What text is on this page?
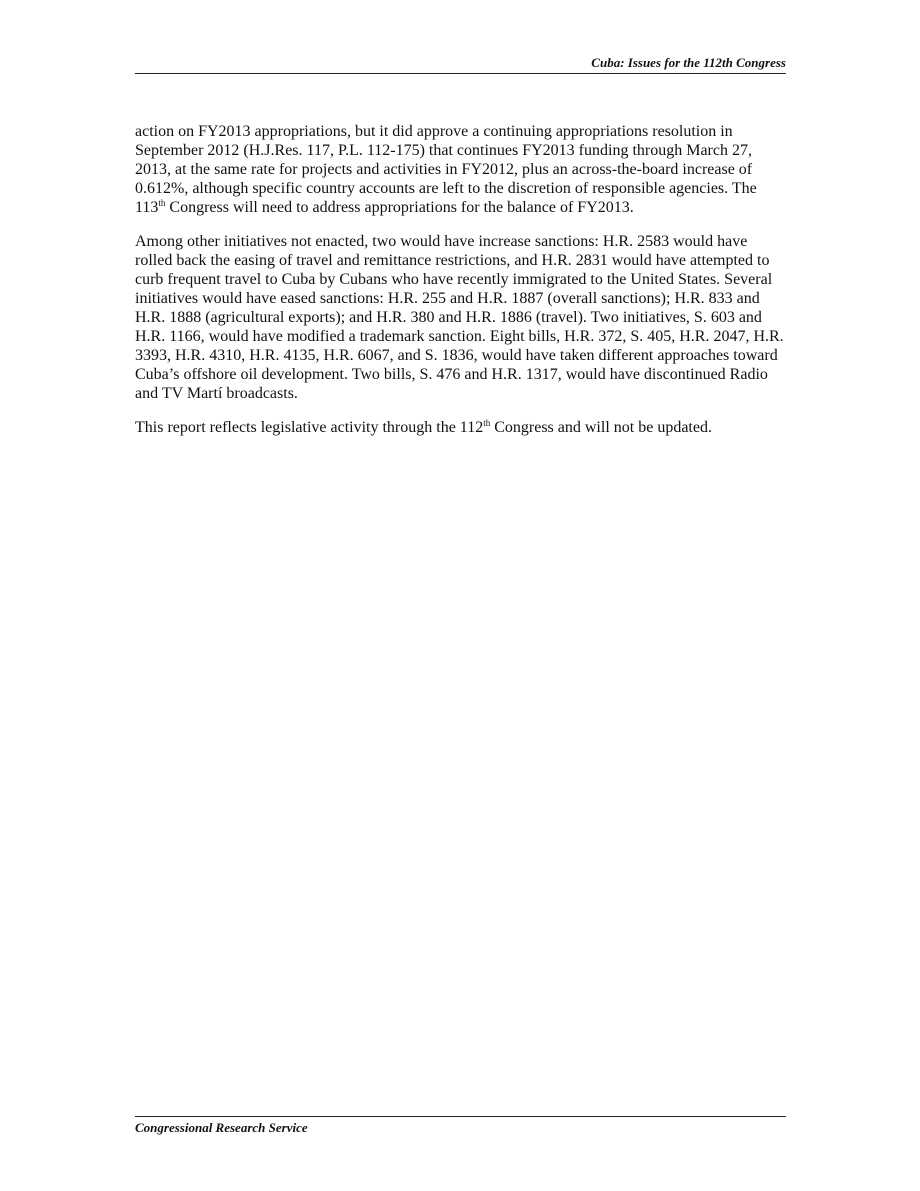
Cuba: Issues for the 112th Congress

action on FY2013 appropriations, but it did approve a continuing appropriations resolution in September 2012 (H.J.Res. 117, P.L. 112-175) that continues FY2013 funding through March 27, 2013, at the same rate for projects and activities in FY2012, plus an across-the-board increase of 0.612%, although specific country accounts are left to the discretion of responsible agencies. The 113th Congress will need to address appropriations for the balance of FY2013.

Among other initiatives not enacted, two would have increase sanctions: H.R. 2583 would have rolled back the easing of travel and remittance restrictions, and H.R. 2831 would have attempted to curb frequent travel to Cuba by Cubans who have recently immigrated to the United States. Several initiatives would have eased sanctions: H.R. 255 and H.R. 1887 (overall sanctions); H.R. 833 and H.R. 1888 (agricultural exports); and H.R. 380 and H.R. 1886 (travel). Two initiatives, S. 603 and H.R. 1166, would have modified a trademark sanction. Eight bills, H.R. 372, S. 405, H.R. 2047, H.R. 3393, H.R. 4310, H.R. 4135, H.R. 6067, and S. 1836, would have taken different approaches toward Cuba’s offshore oil development. Two bills, S. 476 and H.R. 1317, would have discontinued Radio and TV Martí broadcasts.

This report reflects legislative activity through the 112th Congress and will not be updated.

Congressional Research Service
